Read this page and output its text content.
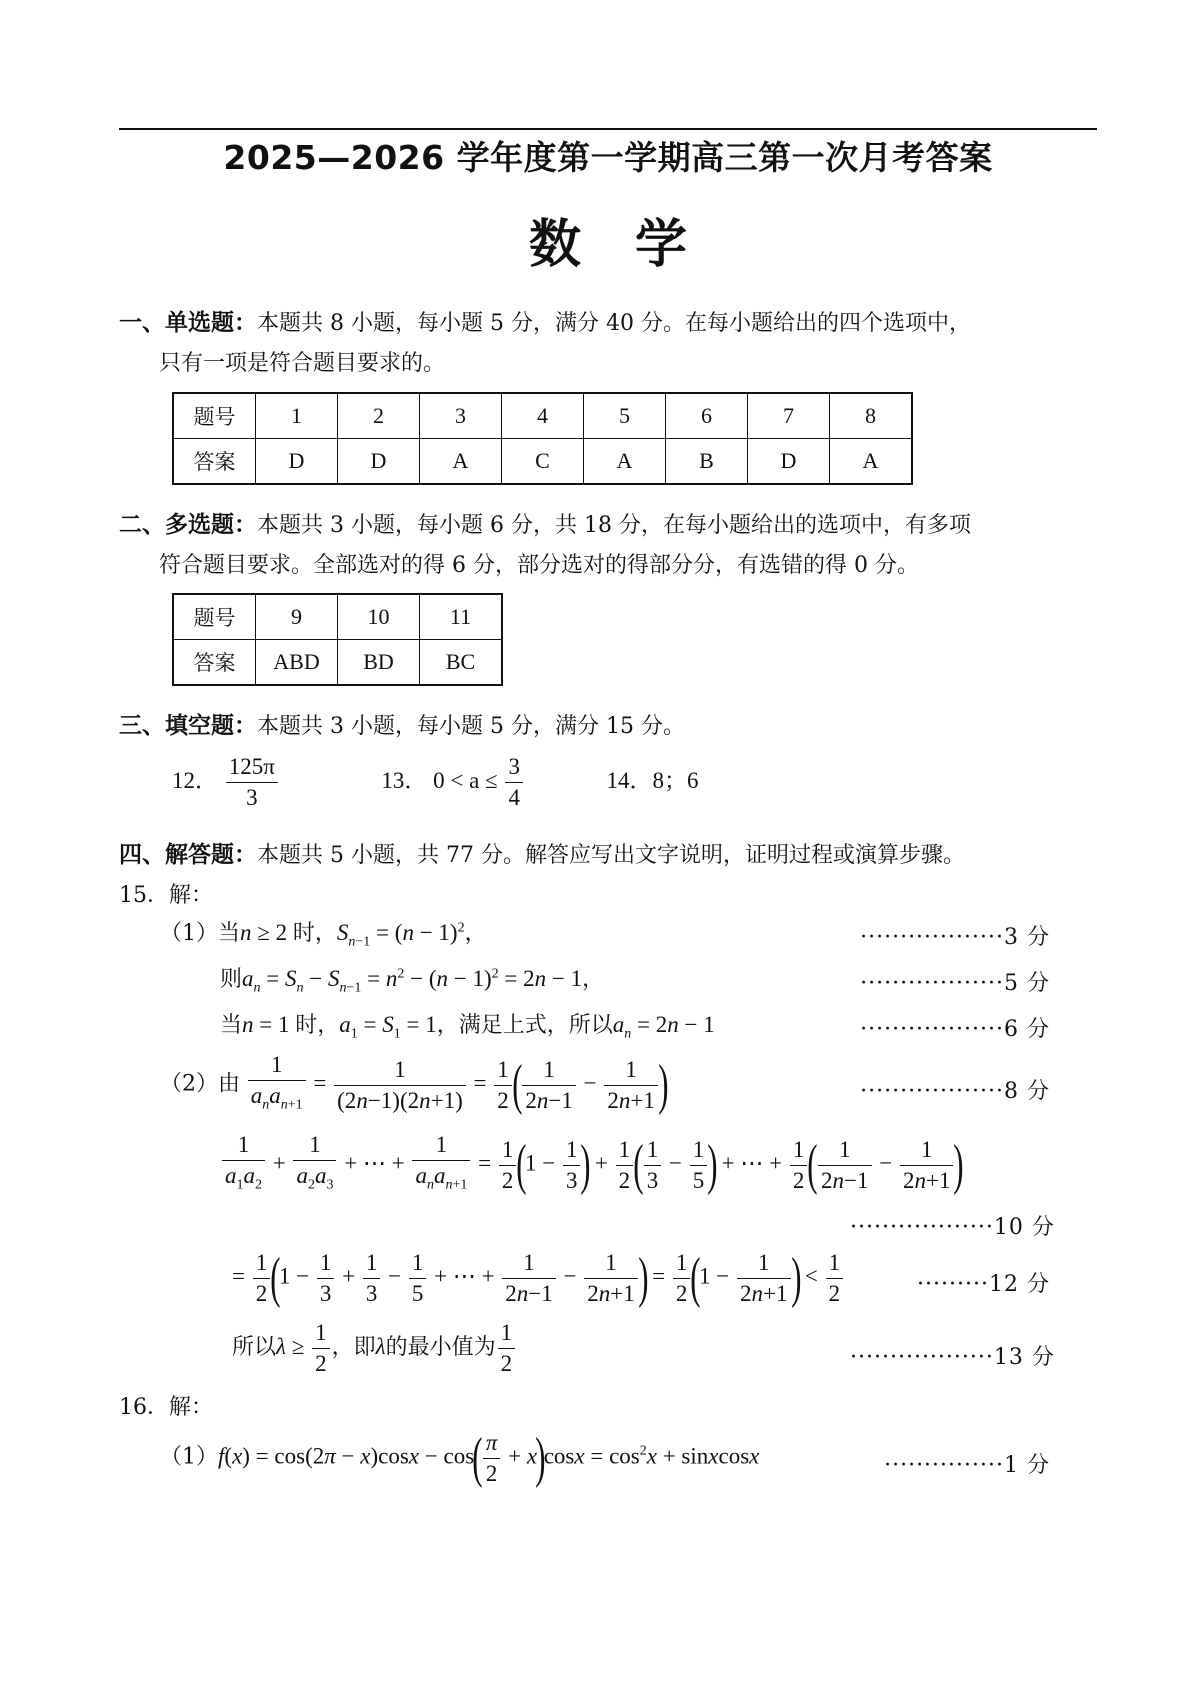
2025—2026 学年度第一学期高三第一次月考答案
数学
一、单选题：本题共 8 小题，每小题 5 分，满分 40 分。在每小题给出的四个选项中，
只有一项是符合题目要求的。
题号	1	2	3	4	5	6	7	8
答案	D	D	A	C	A	B	D	A
二、多选题：本题共 3 小题，每小题 6 分，共 18 分，在每小题给出的选项中，有多项
符合题目要求。全部选对的得 6 分，部分选对的得部分分，有选错的得 0 分。
题号	9	10	11
答案	ABD	BD	BC
三、填空题：本题共 3 小题，每小题 5 分，满分 15 分。
12． $\frac{125\pi}{3}$	13． $0 < a \le \frac{3}{4}$	14．8；6
四、解答题：本题共 5 小题，共 77 分。解答应写出文字说明，证明过程或演算步骤。
15．解：
（1）当n ≥ 2 时，$S_{n-1} = (n - 1)^2$，	··················3 分
则$a_n = S_n - S_{n-1} = n^2 - (n - 1)^2 = 2n - 1$，	··················5 分
当n = 1 时，$a_1 = S_1 = 1$，满足上式，所以$a_n = 2n - 1$	··················6 分
（2）由 $\frac{1}{a_na_{n+1}} = \frac{1}{(2n-1)(2n+1)} = \frac{1}{2}$ ( $\frac{1}{2n-1} - \frac{1}{2n+1}$ )	··················8 分
$\frac{1}{a_1a_2} + \frac{1}{a_2a_3}$ + ⋯ + $\frac{1}{a_na_{n+1}} = \frac{1}{2} (1 - \frac{1}{3}$ ) + $\frac{1}{2}$ ( $\frac{1}{3} - \frac{1}{5}$ ) + ⋯ + $\frac{1}{2}$ ( $\frac{1}{2n-1} - \frac{1}{2n+1}$ )
··················10 分
= $\frac{1}{2} (1 - \frac{1}{3} + \frac{1}{3} - \frac{1}{5}$ + ⋯ + $\frac{1}{2n-1} - \frac{1}{2n+1}$ ) = $\frac{1}{2} (1 - \frac{1}{2n+1}$ ) < $\frac{1}{2}$	·········12 分
所以$\lambda \ge \frac{1}{2}$ ，即λ的最小值为 $\frac{1}{2}$	··················13 分
16．解：
$(1)f(x) = \cos(2\pi - x)\cos x - \cos( \frac{\pi}{2} + x)\cos x = \cos^2x$ + sinxcosx	···············1 分
